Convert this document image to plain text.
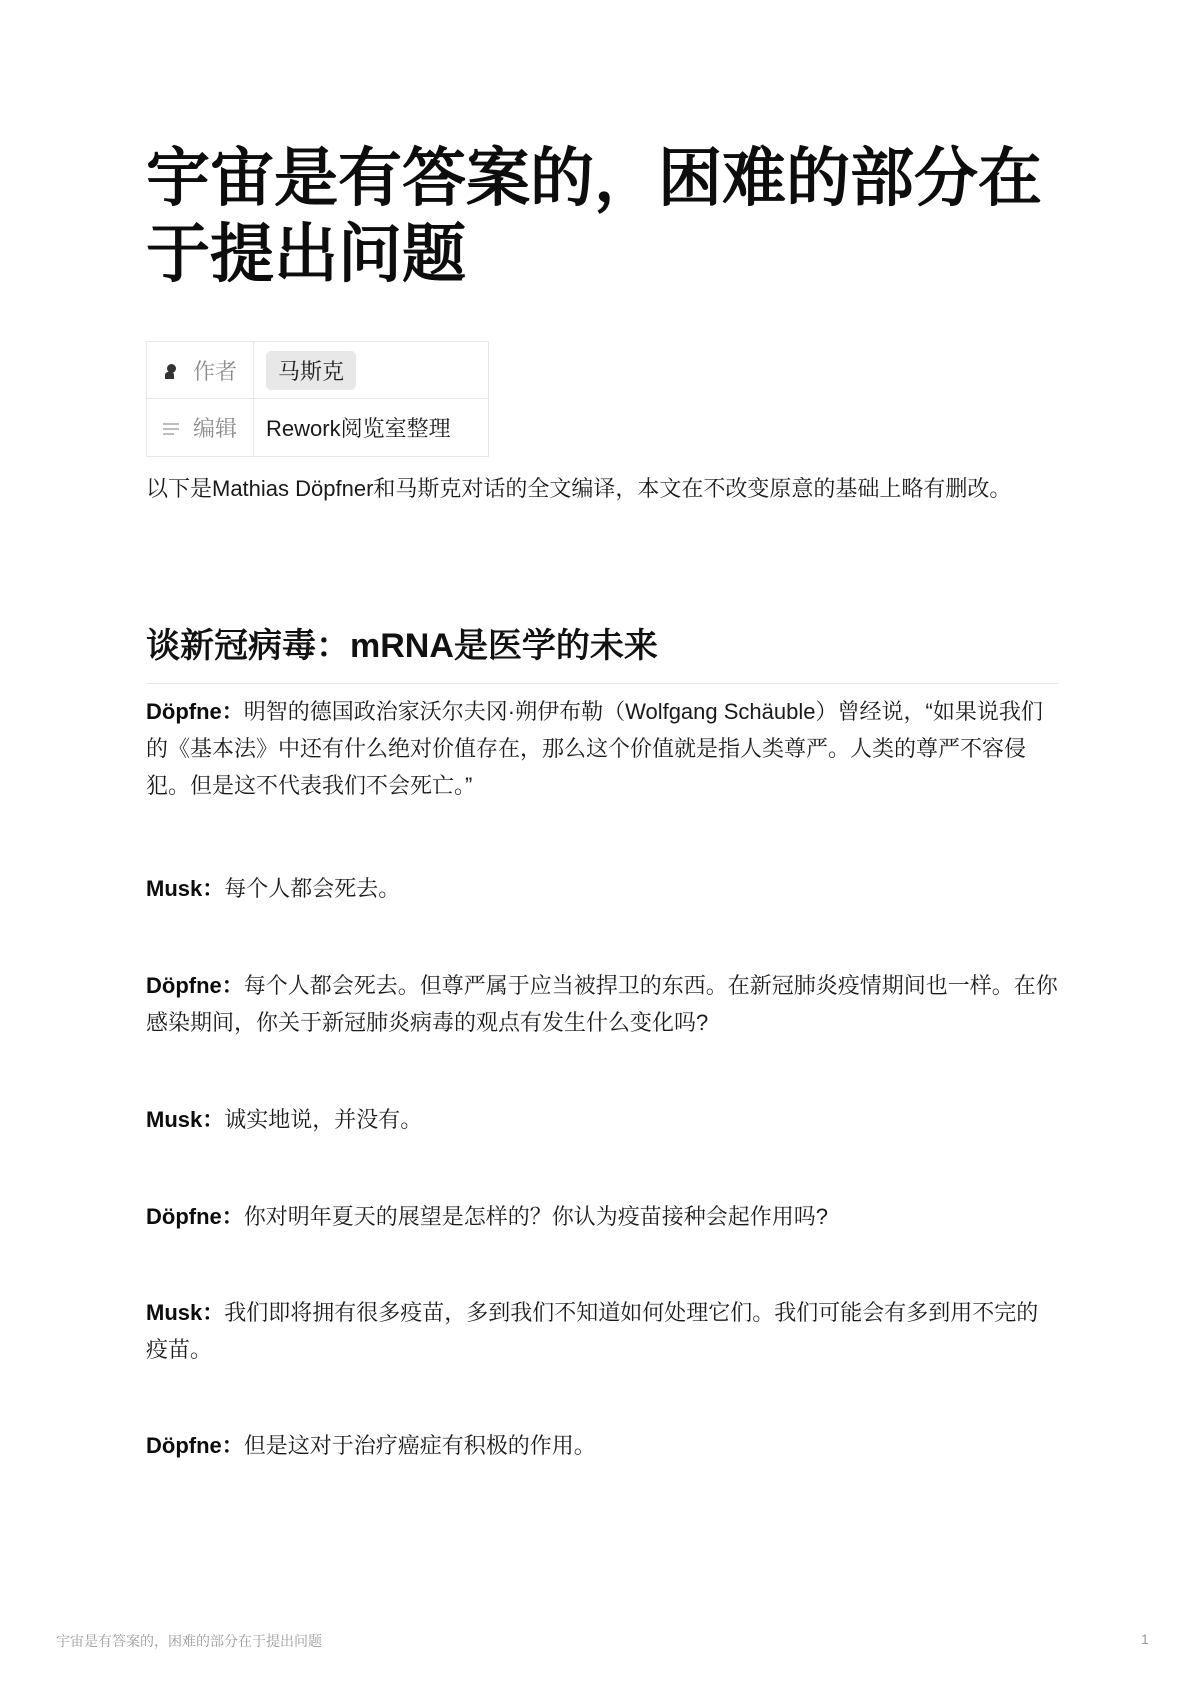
宇宙是有答案的，困难的部分在于提出问题
作者	马斯克
编辑 Rework阅览室整理

以下是Mathias Döpfner和马斯克对话的全文编译，本文在不改变原意的基础上略有删改。

谈新冠病毒：mRNA是医学的未来

Döpfne：明智的德国政治家沃尔夫冈·朔伊布勒（Wolfgang Schäuble）曾经说，“如果说我们的《基本法》中还有什么绝对价值存在，那么这个价值就是指人类尊严。人类的尊严不容侵犯。但是这不代表我们不会死亡。”

Musk：每个人都会死去。

Döpfne：每个人都会死去。但尊严属于应当被捍卫的东西。在新冠肺炎疫情期间也一样。在你感染期间，你关于新冠肺炎病毒的观点有发生什么变化吗?

Musk：诚实地说，并没有。

Döpfne：你对明年夏天的展望是怎样的？你认为疫苗接种会起作用吗?

Musk：我们即将拥有很多疫苗，多到我们不知道如何处理它们。我们可能会有多到用不完的疫苗。

Döpfne：但是这对于治疗癌症有积极的作用。

宇宙是有答案的，困难的部分在于提出问题	1
